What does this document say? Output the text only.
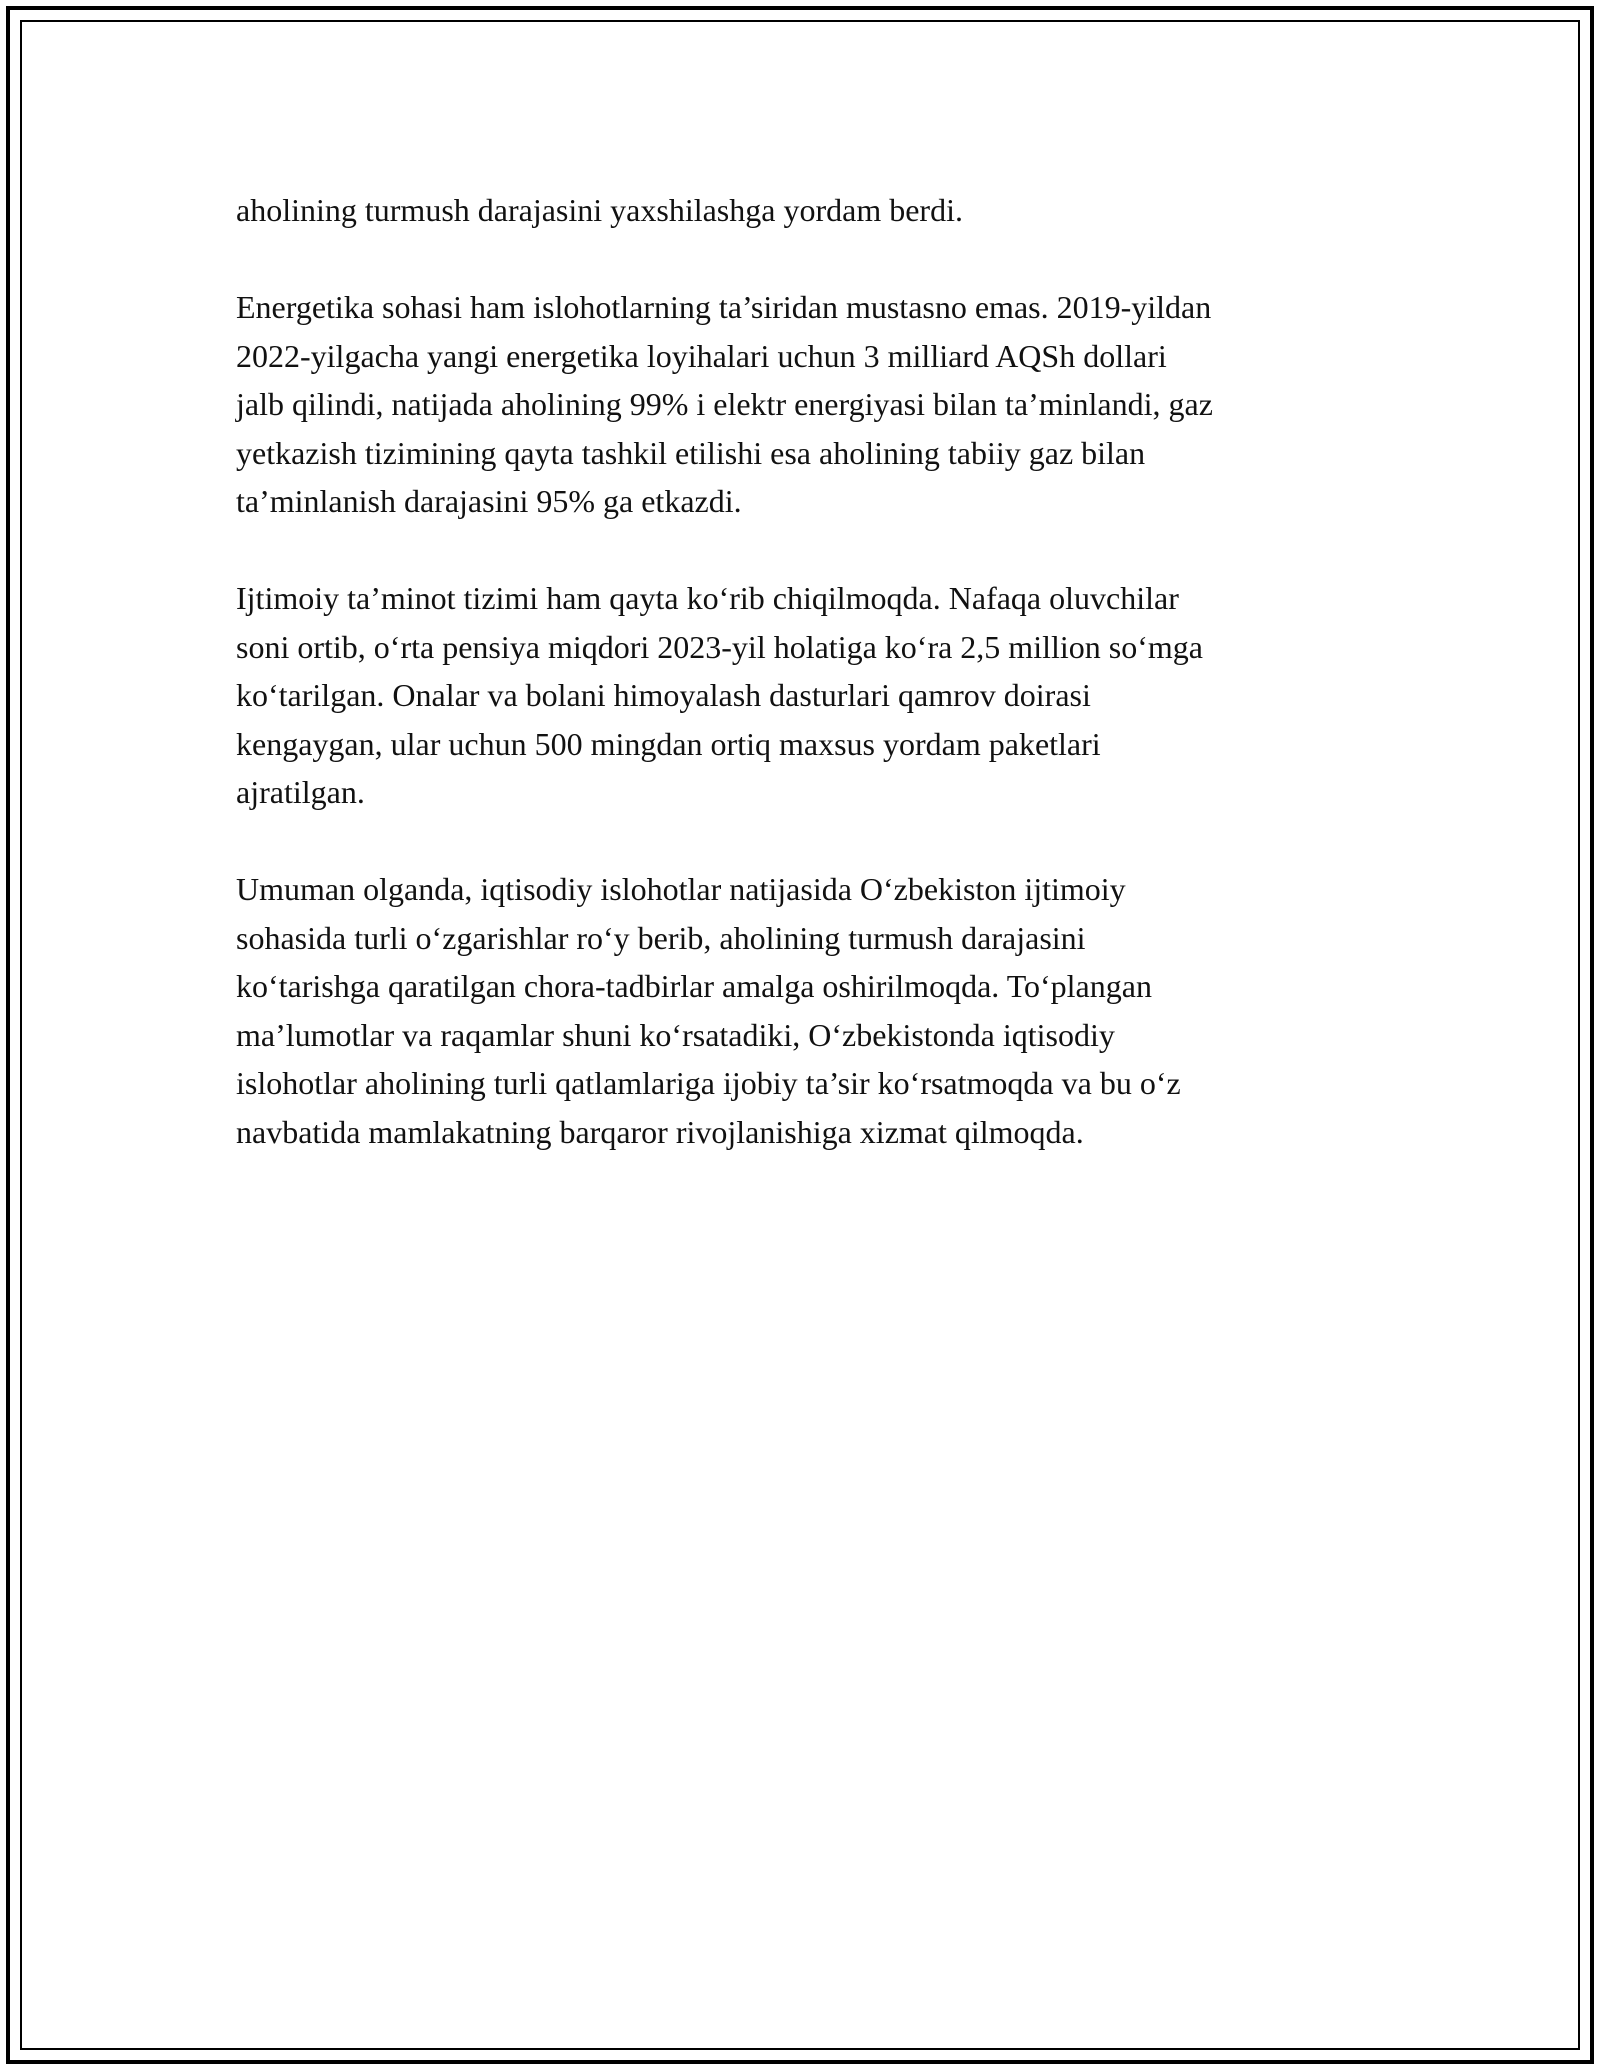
aholining turmush darajasini yaxshilashga yordam berdi.

Energetika sohasi ham islohotlarning ta’siridan mustasno emas. 2019-yildan
2022-yilgacha yangi energetika loyihalari uchun 3 milliard AQSh dollari
jalb qilindi, natijada aholining 99% i elektr energiyasi bilan ta’minlandi, gaz
yetkazish tizimining qayta tashkil etilishi esa aholining tabiiy gaz bilan
ta’minlanish darajasini 95% ga etkazdi.

Ijtimoiy ta’minot tizimi ham qayta koʻrib chiqilmoqda. Nafaqa oluvchilar
soni ortib, oʻrta pensiya miqdori 2023-yil holatiga koʻra 2,5 million soʻmga
koʻtarilgan. Onalar va bolani himoyalash dasturlari qamrov doirasi
kengaygan, ular uchun 500 mingdan ortiq maxsus yordam paketlari
ajratilgan.

Umuman olganda, iqtisodiy islohotlar natijasida Oʻzbekiston ijtimoiy
sohasida turli oʻzgarishlar roʻy berib, aholining turmush darajasini
koʻtarishga qaratilgan chora-tadbirlar amalga oshirilmoqda. Toʻplangan
ma’lumotlar va raqamlar shuni koʻrsatadiki, Oʻzbekistonda iqtisodiy
islohotlar aholining turli qatlamlariga ijobiy ta’sir koʻrsatmoqda va bu oʻz
navbatida mamlakatning barqaror rivojlanishiga xizmat qilmoqda.
